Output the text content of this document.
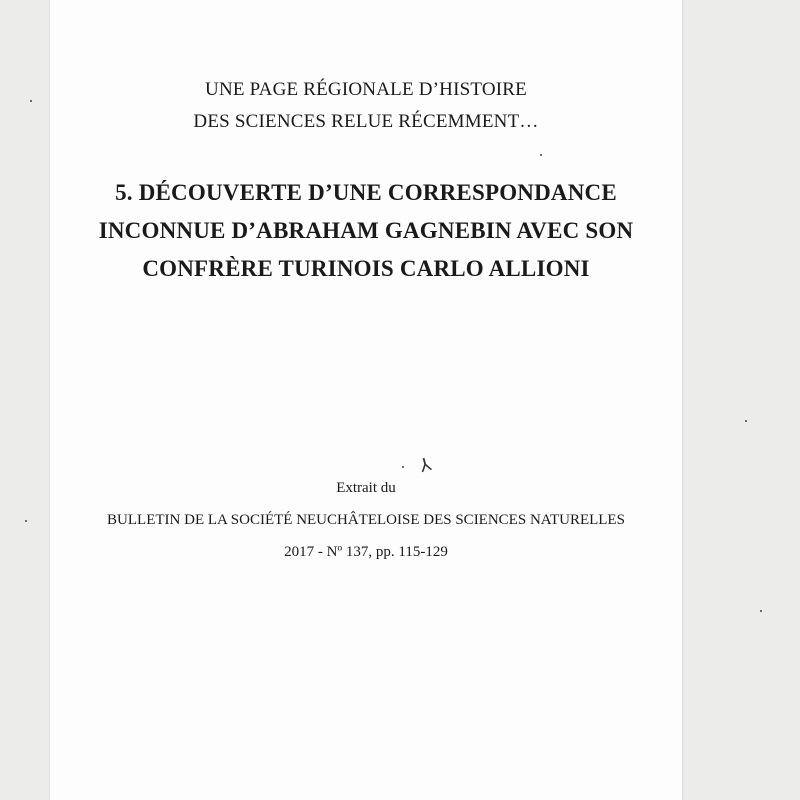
UNE PAGE RÉGIONALE D’HISTOIRE
DES SCIENCES RELUE RÉCEMMENT…
5. DÉCOUVERTE D’UNE CORRESPONDANCE
INCONNUE D’ABRAHAM GAGNEBIN AVEC SON
CONFRÈRE TURINOIS CARLO ALLIONI
Extrait du
BULLETIN DE LA SOCIÉTÉ NEUCHÂTELOISE DES SCIENCES NATURELLES
2017 - Nº 137, pp. 115-129
⅄
